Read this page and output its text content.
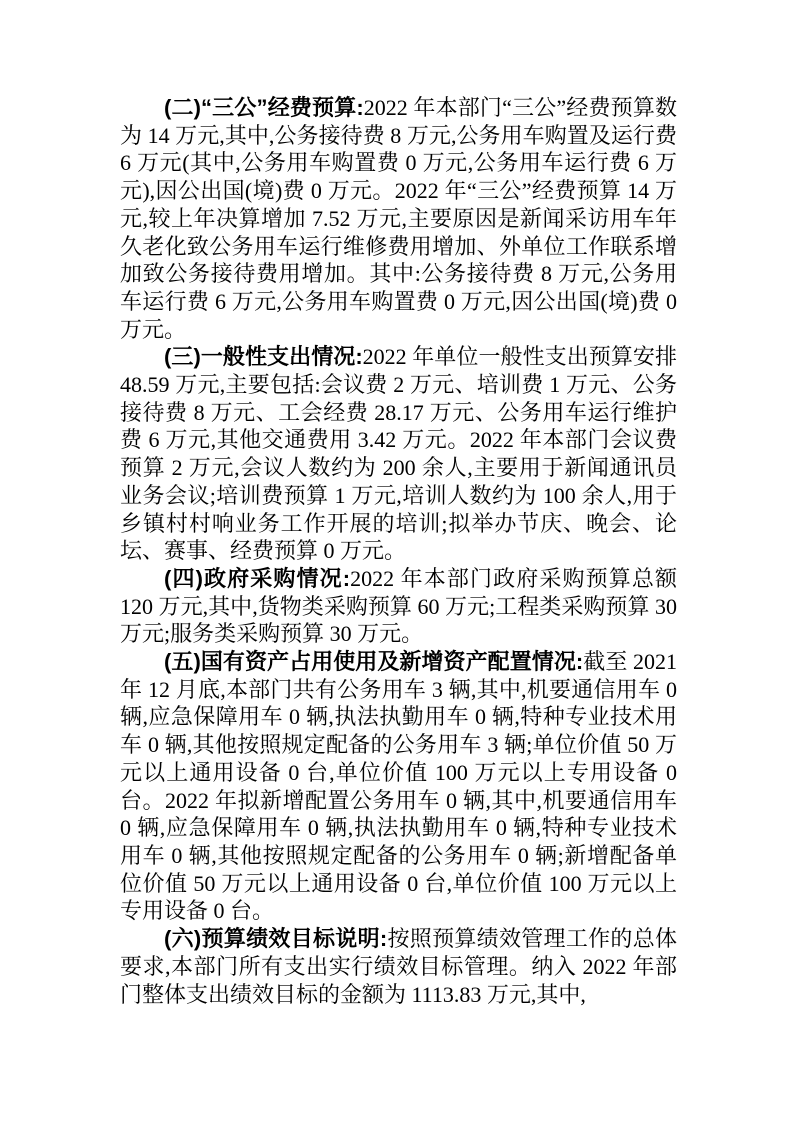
(二)“三公”经费预算:2022 年本部门“三公”经费预算数为 14 万元,其中,公务接待费 8 万元,公务用车购置及运行费 6 万元(其中,公务用车购置费 0 万元,公务用车运行费 6 万元),因公出国(境)费 0 万元。2022 年“三公”经费预算 14 万元,较上年决算增加 7.52 万元,主要原因是新闻采访用车年久老化致公务用车运行维修费用增加、外单位工作联系增加致公务接待费用增加。其中:公务接待费 8 万元,公务用车运行费 6 万元,公务用车购置费 0 万元,因公出国(境)费 0 万元。

(三)一般性支出情况:2022 年单位一般性支出预算安排 48.59 万元,主要包括:会议费 2 万元、培训费 1 万元、公务接待费 8 万元、工会经费 28.17 万元、公务用车运行维护费 6 万元,其他交通费用 3.42 万元。2022 年本部门会议费预算 2 万元,会议人数约为 200 余人,主要用于新闻通讯员业务会议;培训费预算 1 万元,培训人数约为 100 余人,用于乡镇村村响业务工作开展的培训;拟举办节庆、晚会、论坛、赛事、经费预算 0 万元。

(四)政府采购情况:2022 年本部门政府采购预算总额 120 万元,其中,货物类采购预算 60 万元;工程类采购预算 30 万元;服务类采购预算 30 万元。

(五)国有资产占用使用及新增资产配置情况:截至 2021 年 12 月底,本部门共有公务用车 3 辆,其中,机要通信用车 0 辆,应急保障用车 0 辆,执法执勤用车 0 辆,特种专业技术用车 0 辆,其他按照规定配备的公务用车 3 辆;单位价值 50 万元以上通用设备 0 台,单位价值 100 万元以上专用设备 0 台。2022 年拟新增配置公务用车 0 辆,其中,机要通信用车 0 辆,应急保障用车 0 辆,执法执勤用车 0 辆,特种专业技术用车 0 辆,其他按照规定配备的公务用车 0 辆;新增配备单位价值 50 万元以上通用设备 0 台,单位价值 100 万元以上专用设备 0 台。

(六)预算绩效目标说明:按照预算绩效管理工作的总体要求,本部门所有支出实行绩效目标管理。纳入 2022 年部门整体支出绩效目标的金额为 1113.83 万元,其中,
